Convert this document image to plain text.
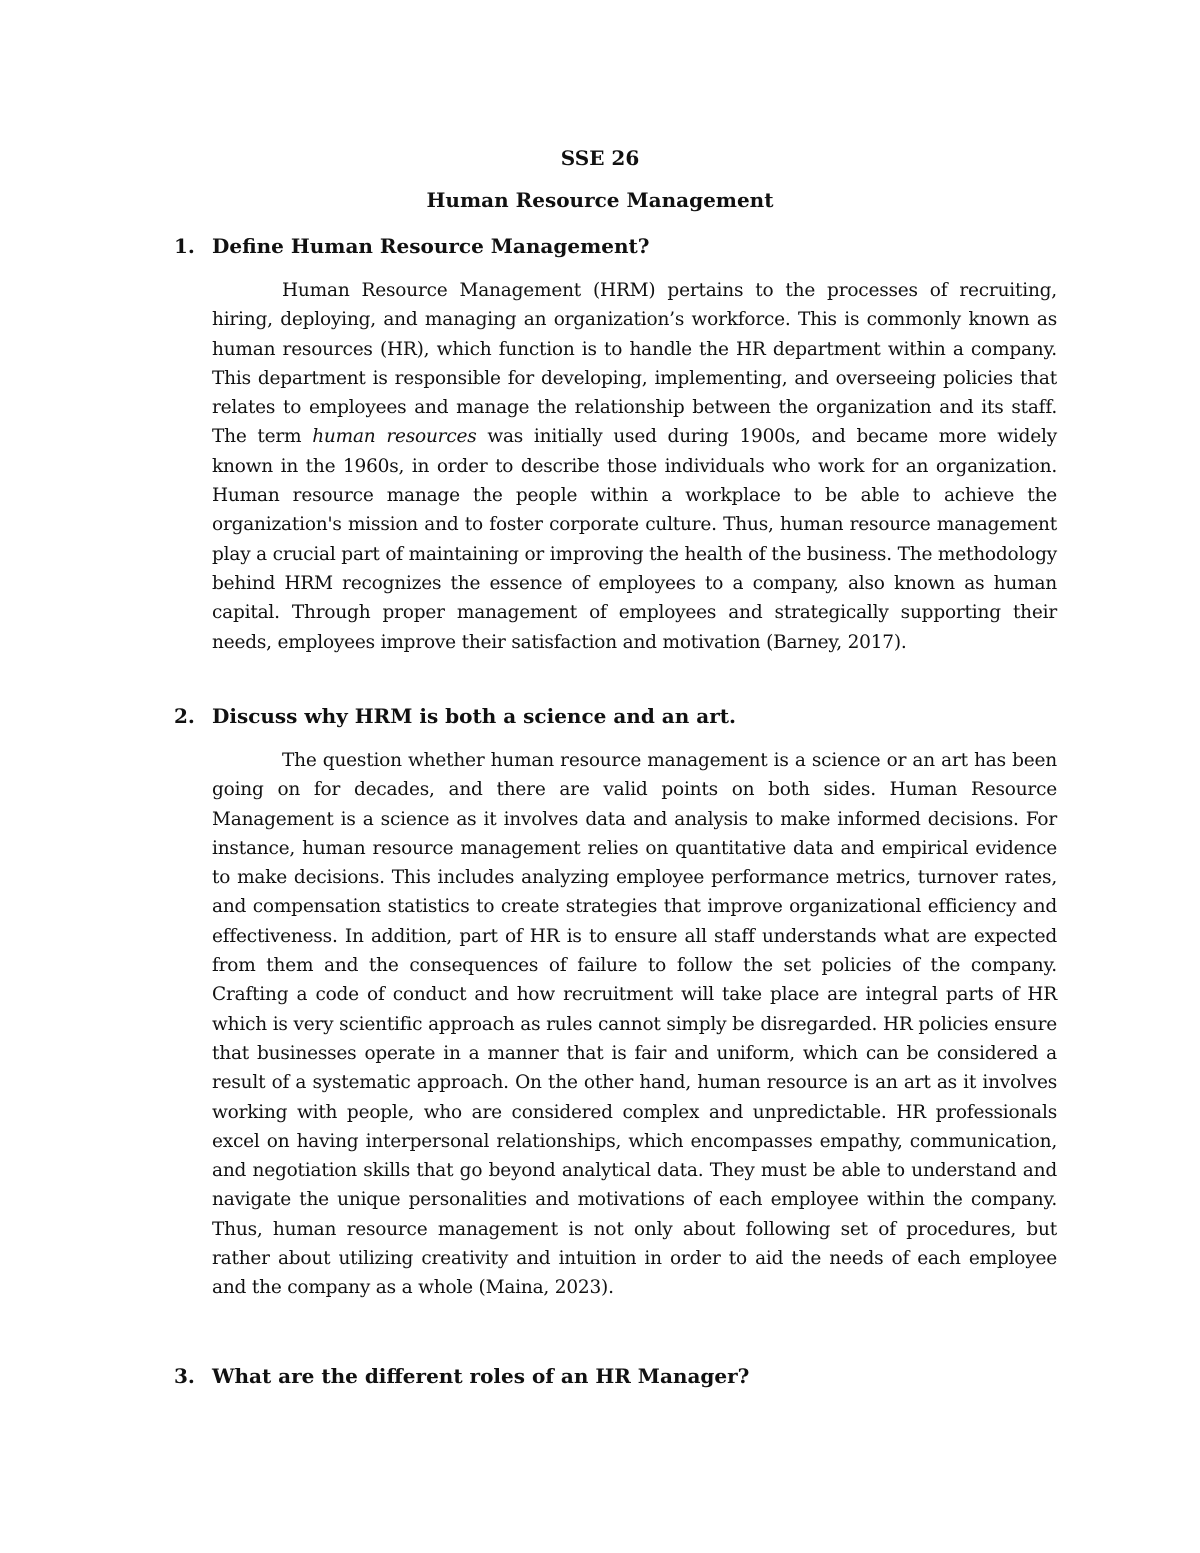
SSE 26
Human Resource Management
1. Define Human Resource Management?

Human Resource Management (HRM) pertains to the processes of recruiting, hiring, deploying, and managing an organization’s workforce. This is commonly known as human resources (HR), which function is to handle the HR department within a company. This department is responsible for developing, implementing, and overseeing policies that relates to employees and manage the relationship between the organization and its staff. The term human resources was initially used during 1900s, and became more widely known in the 1960s, in order to describe those individuals who work for an organization. Human resource manage the people within a workplace to be able to achieve the organization's mission and to foster corporate culture. Thus, human resource management play a crucial part of maintaining or improving the health of the business. The methodology behind HRM recognizes the essence of employees to a company, also known as human capital. Through proper management of employees and strategically supporting their needs, employees improve their satisfaction and motivation (Barney, 2017).

2. Discuss why HRM is both a science and an art.

The question whether human resource management is a science or an art has been going on for decades, and there are valid points on both sides. Human Resource Management is a science as it involves data and analysis to make informed decisions. For instance, human resource management relies on quantitative data and empirical evidence to make decisions. This includes analyzing employee performance metrics, turnover rates, and compensation statistics to create strategies that improve organizational efficiency and effectiveness. In addition, part of HR is to ensure all staff understands what are expected from them and the consequences of failure to follow the set policies of the company. Crafting a code of conduct and how recruitment will take place are integral parts of HR which is very scientific approach as rules cannot simply be disregarded. HR policies ensure that businesses operate in a manner that is fair and uniform, which can be considered a result of a systematic approach. On the other hand, human resource is an art as it involves working with people, who are considered complex and unpredictable. HR professionals excel on having interpersonal relationships, which encompasses empathy, communication, and negotiation skills that go beyond analytical data. They must be able to understand and navigate the unique personalities and motivations of each employee within the company. Thus, human resource management is not only about following set of procedures, but rather about utilizing creativity and intuition in order to aid the needs of each employee and the company as a whole (Maina, 2023).

3. What are the different roles of an HR Manager?
